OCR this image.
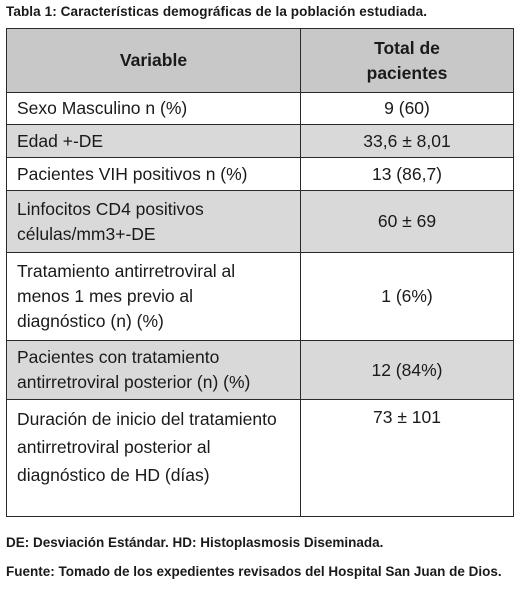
Tabla 1: Características demográficas de la población estudiada.
Variable	Total de pacientes
Sexo Masculino n (%)	9 (60)
Edad +-DE	33,6 ± 8,01
Pacientes VIH positivos n (%)	13 (86,7)

Linfocitos CD4 positivos células/mm3+-DE	60 ± 69

Tratamiento antirretroviral al menos 1 mes previo al diagnóstico (n) (%)	1 (6%)

Pacientes con tratamiento antirretroviral posterior (n) (%)	12 (84%)

Duración de inicio del tratamiento antirretroviral posterior al diagnóstico de HD (días)	73 ± 101
DE: Desviación Estándar. HD: Histoplasmosis Diseminada.
Fuente: Tomado de los expedientes revisados del Hospital San Juan de Dios.
